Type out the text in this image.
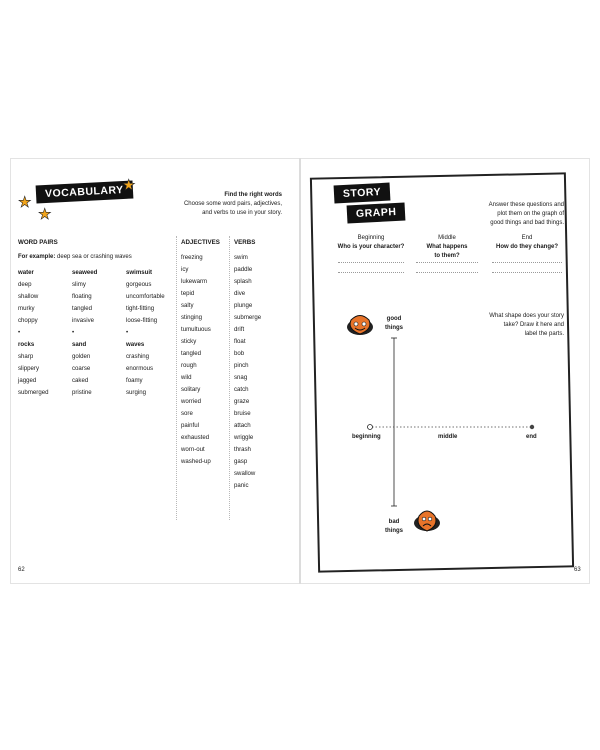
VOCABULARY
★
★
★
Find the right words
Choose some word pairs, adjectives,
and verbs to use in your story.
WORD PAIRS
For example: deep sea or crashing waves
water
deep
shallow
murky
choppy
•
rocks
sharp
slippery
jagged
submerged
seaweed
slimy
floating
tangled
invasive
•
sand
golden
coarse
caked
pristine
swimsuit
gorgeous
uncomfortable
tight-fitting
loose-fitting
•
waves
crashing
enormous
foamy
surging
ADJECTIVES
freezing
icy
lukewarm
tepid
salty
stinging
tumultuous
sticky
tangled
rough
wild
solitary
worried
sore
painful
exhausted
worn-out
washed-up
VERBS
swim
paddle
splash
dive
plunge
submerge
drift
float
bob
pinch
snag
catch
graze
bruise
attach
wriggle
thrash
gasp
swallow
panic
62
STORY
GRAPH
Answer these questions and
plot them on the graph of
good things and bad things.
Beginning
Who is your character?
Middle
What happens
to them?
End
How do they change?
What shape does your story
take? Draw it here and
label the parts.
good
things
bad
things
beginning	middle	end
63
